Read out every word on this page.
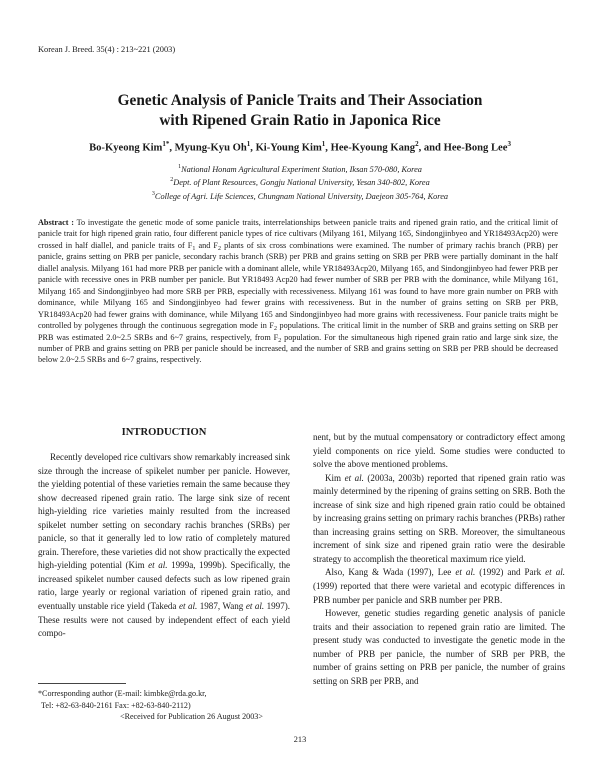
Korean J. Breed. 35(4) : 213~221 (2003)
Genetic Analysis of Panicle Traits and Their Association
with Ripened Grain Ratio in Japonica Rice
Bo-Kyeong Kim$^{1*}$, Myung-Kyu Oh$^1$, Ki-Young Kim$^1$, Hee-Kyoung Kang$^2$, and Hee-Bong Lee$^3$
$^1$National Honam Agricultural Experiment Station, Iksan 570-080, Korea
$^2$Dept. of Plant Resources, Gongju National University, Yesan 340-802, Korea
$^3$College of Agri. Life Sciences, Chungnam National University, Daejeon 305-764, Korea
Abstract : To investigate the genetic mode of some panicle traits, interrelationships between panicle traits and ripened grain ratio, and the critical limit of panicle trait for high ripened grain ratio, four different panicle types of rice cultivars (Milyang 161, Milyang 165, Sindongjinbyeo and YR18493Acp20) were crossed in half diallel, and panicle traits of $F_1$ and $F_2$ plants of six cross combinations were examined. The number of primary rachis branch (PRB) per panicle, grains setting on PRB per panicle, secondary rachis branch (SRB) per PRB and grains setting on SRB per PRB were partially dominant in the half diallel analysis. Milyang 161 had more PRB per panicle with a dominant allele, while YR18493Acp20, Milyang 165, and Sindongjinbyeo had fewer PRB per panicle with recessive ones in PRB number per panicle. But YR18493 Acp20 had fewer number of SRB per PRB with the dominance, while Milyang 161, Milyang 165 and Sindongjinbyeo had more SRB per PRB, especially with recessiveness. Milyang 161 was found to have more grain number on PRB with dominance, while Milyang 165 and Sindongjinbyeo had fewer grains with recessiveness. But in the number of grains setting on SRB per PRB, YR18493Acp20 had fewer grains with dominance, while Milyang 165 and Sindongjinbyeo had more grains with recessiveness. Four panicle traits might be controlled by polygenes through the continuous segregation mode in $F_2$ populations. The critical limit in the number of SRB and grains setting on SRB per PRB was estimated 2.0~2.5 SRBs and 6~7 grains, respectively, from $F_2$ population. For the simultaneous high ripened grain ratio and large sink size, the number of PRB and grains setting on PRB per panicle should be increased, and the number of SRB and grains setting on SRB per PRB should be decreased below 2.0~2.5 SRBs and 6~7 grains, respectively.
INTRODUCTION

Recently developed rice cultivars show remarkably increased sink size through the increase of spikelet number per panicle. However, the yielding potential of these varieties remain the same because they show decreased ripened grain ratio. The large sink size of recent high-yielding rice varieties mainly resulted from the increased spikelet number setting on secondary rachis branches (SRBs) per panicle, so that it generally led to low ratio of completely matured grain. Therefore, these varieties did not show practically the expected high-yielding potential (Kim et al. 1999a, 1999b). Specifically, the increased spikelet number caused defects such as low ripened grain ratio, large yearly or regional variation of ripened grain ratio, and eventually unstable rice yield (Takeda et al. 1987, Wang et al. 1997). These results were not caused by independent effect of each yield compo-

nent, but by the mutual compensatory or contradictory effect among yield components on rice yield. Some studies were conducted to solve the above mentioned problems.

Kim et al. (2003a, 2003b) reported that ripened grain ratio was mainly determined by the ripening of grains setting on SRB. Both the increase of sink size and high ripened grain ratio could be obtained by increasing grains setting on primary rachis branches (PRBs) rather than increasing grains setting on SRB. Moreover, the simultaneous increment of sink size and ripened grain ratio were the desirable strategy to accomplish the theoretical maximum rice yield.

Also, Kang & Wada (1997), Lee et al. (1992) and Park et al. (1999) reported that there were varietal and ecotypic differences in PRB number per panicle and SRB number per PRB.

However, genetic studies regarding genetic analysis of panicle traits and their association to repened grain ratio are limited. The present study was conducted to investigate the genetic mode in the number of PRB per panicle, the number of SRB per PRB, the number of grains setting on PRB per panicle, the number of grains setting on SRB per PRB, and

*Corresponding author (E-mail: kimbke@rda.go.kr,
Tel: +82-63-840-2161 Fax: +82-63-840-2112)
<Received for Publication 26 August 2003>
213
